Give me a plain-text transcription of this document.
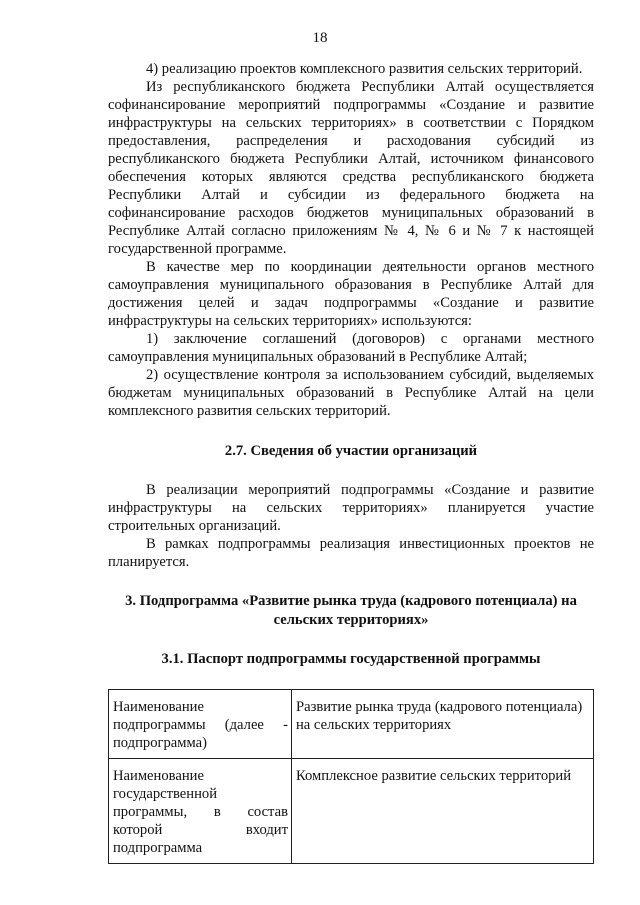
18

4) реализацию проектов комплексного развития сельских территорий.

Из республиканского бюджета Республики Алтай осуществляется софинансирование мероприятий подпрограммы «Создание и развитие инфраструктуры на сельских территориях» в соответствии с Порядком предоставления, распределения и расходования субсидий из республиканского бюджета Республики Алтай, источником финансового обеспечения которых являются средства республиканского бюджета Республики Алтай и субсидии из федерального бюджета на софинансирование расходов бюджетов муниципальных образований в Республике Алтай согласно приложениям № 4, № 6 и № 7 к настоящей государственной программе.

В качестве мер по координации деятельности органов местного самоуправления муниципального образования в Республике Алтай для достижения целей и задач подпрограммы «Создание и развитие инфраструктуры на сельских территориях» используются:

1) заключение соглашений (договоров) с органами местного самоуправления муниципальных образований в Республике Алтай;

2) осуществление контроля за использованием субсидий, выделяемых бюджетам муниципальных образований в Республике Алтай на цели комплексного развития сельских территорий.

2.7. Сведения об участии организаций

В реализации мероприятий подпрограммы «Создание и развитие инфраструктуры на сельских территориях» планируется участие строительных организаций.

В рамках подпрограммы реализация инвестиционных проектов не планируется.

3. Подпрограмма «Развитие рынка труда (кадрового потенциала) на

сельских территориях»

3.1. Паспорт подпрограммы государственной программы

Наименование подпрограммы (далее - подпрограмма)	Развитие рынка труда (кадрового потенциала) на сельских территориях
Наименование государственной программы, в состав которой входит подпрограмма	Комплексное развитие сельских территорий
